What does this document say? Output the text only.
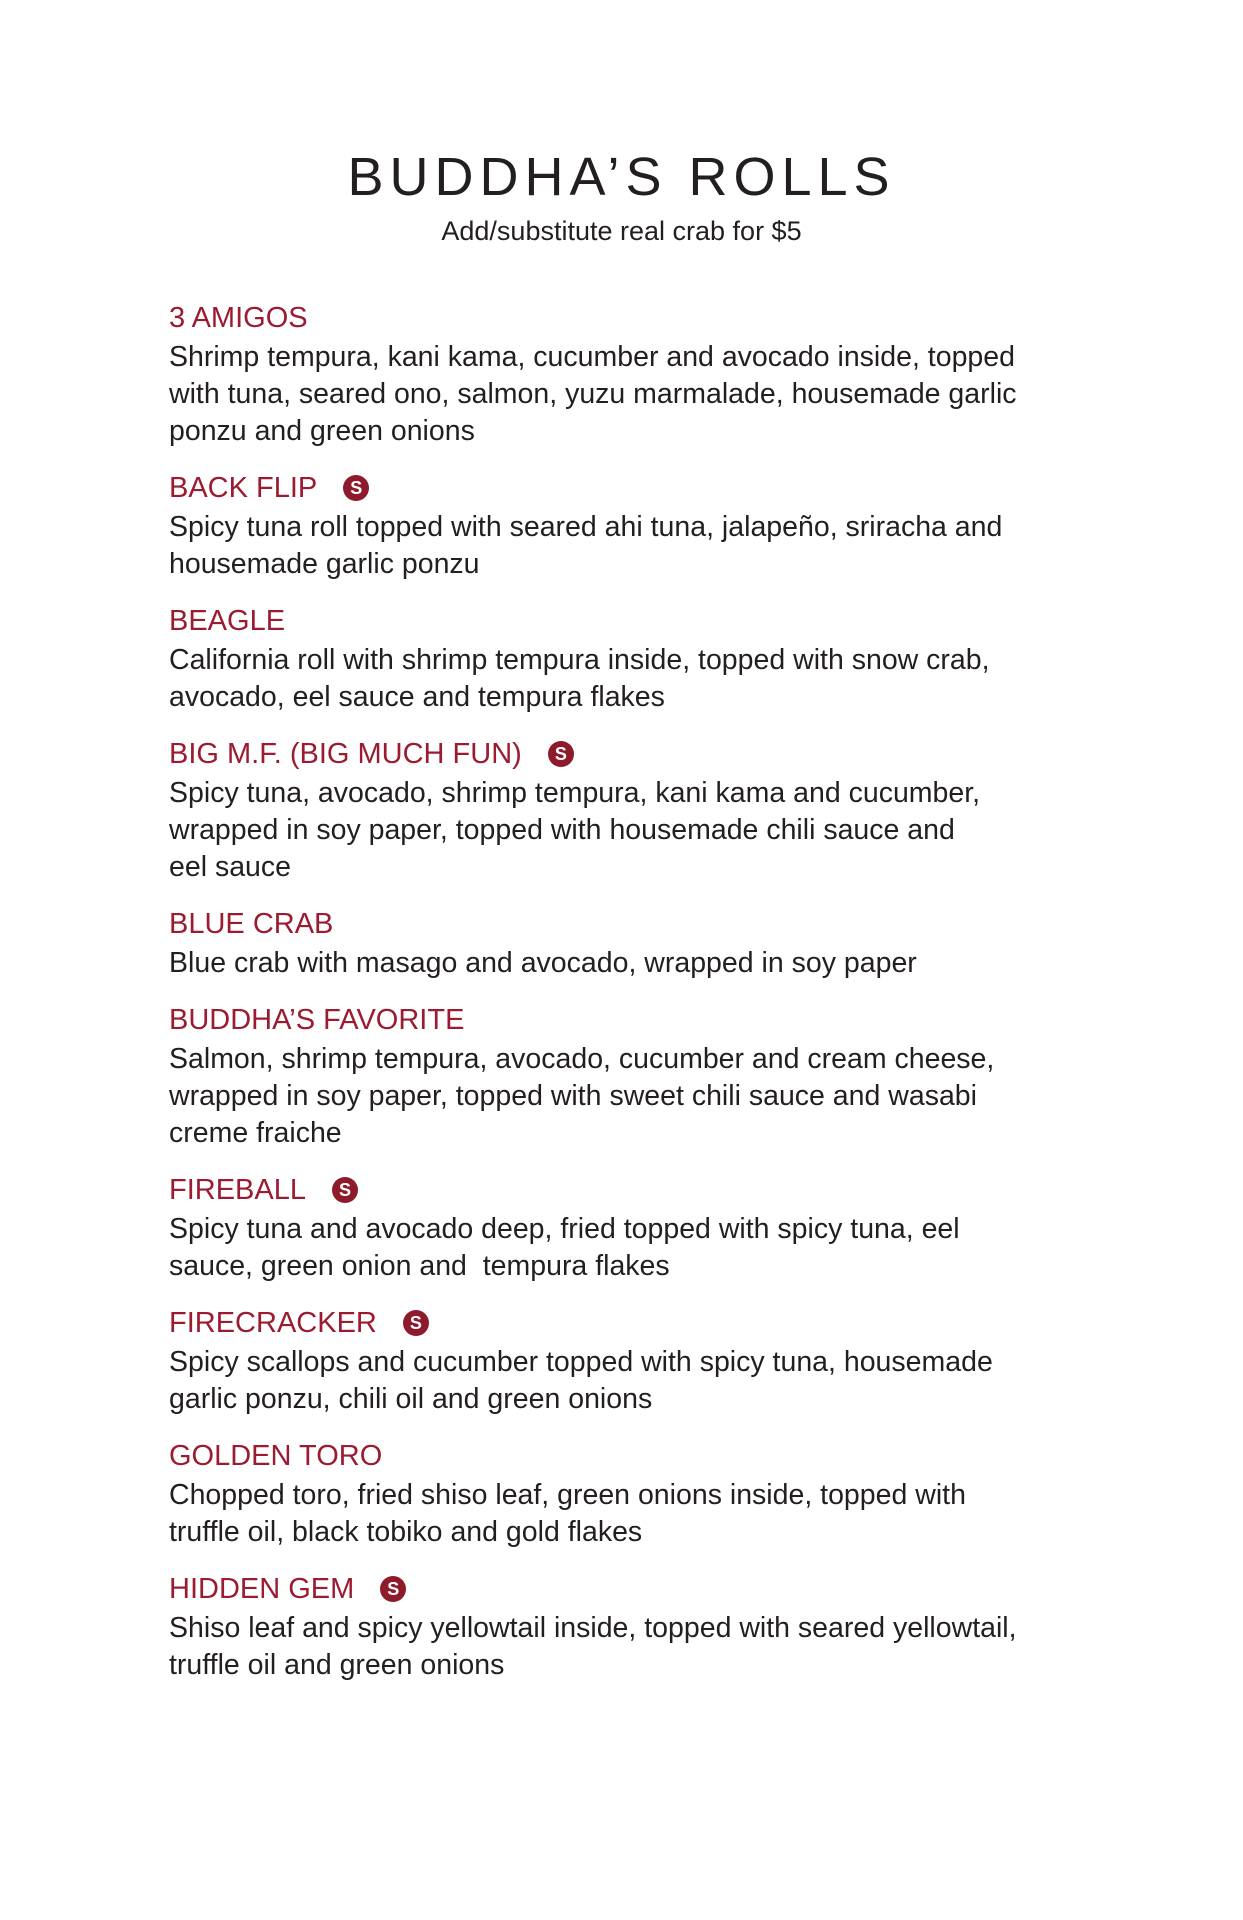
BUDDHA’S ROLLS
Add/substitute real crab for $5
3 AMIGOS
Shrimp tempura, kani kama, cucumber and avocado inside, topped
with tuna, seared ono, salmon, yuzu marmalade, housemade garlic
ponzu and green onions
BACK FLIP	S
Spicy tuna roll topped with seared ahi tuna, jalapeño, sriracha and
housemade garlic ponzu
BEAGLE
California roll with shrimp tempura inside, topped with snow crab,
avocado, eel sauce and tempura flakes
BIG M.F. (BIG MUCH FUN)	S
Spicy tuna, avocado, shrimp tempura, kani kama and cucumber,
wrapped in soy paper, topped with housemade chili sauce and
eel sauce
BLUE CRAB
Blue crab with masago and avocado, wrapped in soy paper
BUDDHA’S FAVORITE
Salmon, shrimp tempura, avocado, cucumber and cream cheese,
wrapped in soy paper, topped with sweet chili sauce and wasabi
creme fraiche
FIREBALL	S
Spicy tuna and avocado deep, fried topped with spicy tuna, eel
sauce, green onion and  tempura flakes
FIRECRACKER	S
Spicy scallops and cucumber topped with spicy tuna, housemade
garlic ponzu, chili oil and green onions
GOLDEN TORO
Chopped toro, fried shiso leaf, green onions inside, topped with
truffle oil, black tobiko and gold flakes
HIDDEN GEM	S
Shiso leaf and spicy yellowtail inside, topped with seared yellowtail,
truffle oil and green onions
